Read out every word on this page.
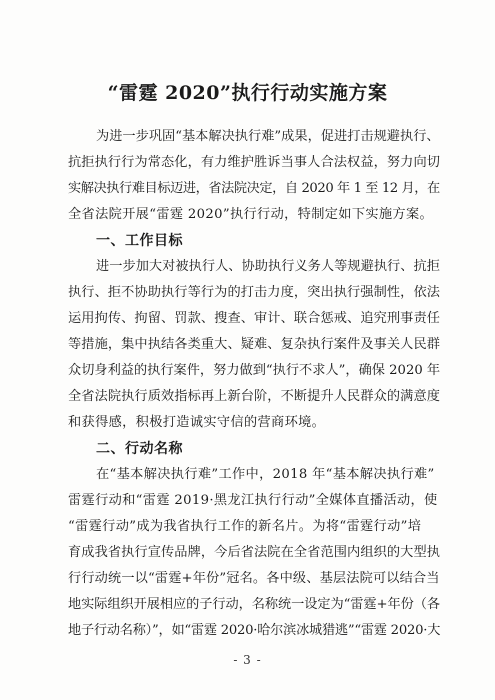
“雷霆 2020”执行行动实施方案
为进一步巩固“基本解决执行难”成果，促进打击规避执行、
抗拒执行行为常态化，有力维护胜诉当事人合法权益，努力向切
实解决执行难目标迈进，省法院决定，自 2020 年 1 至 12 月，在
全省法院开展“雷霆 2020”执行行动，特制定如下实施方案。
一、工作目标
进一步加大对被执行人、协助执行义务人等规避执行、抗拒
执行、拒不协助执行等行为的打击力度，突出执行强制性，依法
运用拘传、拘留、罚款、搜查、审计、联合惩戒、追究刑事责任
等措施，集中执结各类重大、疑难、复杂执行案件及事关人民群
众切身利益的执行案件，努力做到“执行不求人”，确保 2020 年
全省法院执行质效指标再上新台阶，不断提升人民群众的满意度
和获得感，积极打造诚实守信的营商环境。
二、行动名称
在“基本解决执行难”工作中，2018 年“基本解决执行难”
雷霆行动和“雷霆 2019·黑龙江执行行动”全媒体直播活动，使
“雷霆行动”成为我省执行工作的新名片。为将“雷霆行动”培
育成我省执行宣传品牌，今后省法院在全省范围内组织的大型执
行行动统一以“雷霆+年份”冠名。各中级、基层法院可以结合当
地实际组织开展相应的子行动，名称统一设定为“雷霆+年份（各
地子行动名称）”，如“雷霆 2020·哈尔滨冰城猎逃”“雷霆 2020·大
- 3 -
